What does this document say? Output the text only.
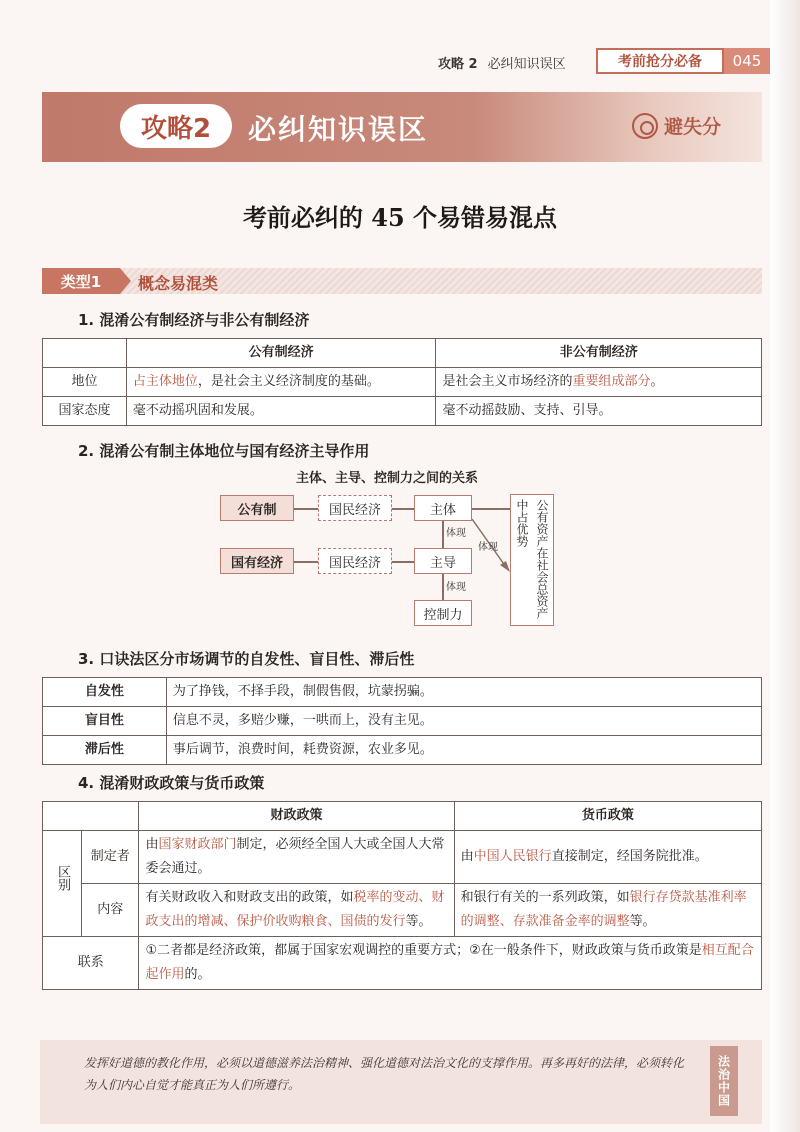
攻略 2 必纠知识误区	考前抢分必备	045
攻略2	必纠知识误区	避失分
考前必纠的 45 个易错易混点
类型1	概念易混类
1. 混淆公有制经济与非公有制经济
	公有制经济	非公有制经济
地位	占主体地位，是社会主义经济制度的基础。	是社会主义市场经济的重要组成部分。
国家态度	毫不动摇巩固和发展。	毫不动摇鼓励、支持、引导。
2. 混淆公有制主体地位与国有经济主导作用
主体、主导、控制力之间的关系
公有制	国民经济	主体
国有经济	国民经济	主导
控制力	公有资产在社会总资产中占优势
体现
体现
体现
3. 口诀法区分市场调节的自发性、盲目性、滞后性
自发性	为了挣钱，不择手段，制假售假，坑蒙拐骗。
盲目性	信息不灵，多赔少赚，一哄而上，没有主见。
滞后性	事后调节，浪费时间，耗费资源，农业多见。
4. 混淆财政政策与货币政策
		财政政策	货币政策
区别	制定者	由国家财政部门制定，必须经全国人大或全国人大常委会通过。	由中国人民银行直接制定，经国务院批准。
	内容	有关财政收入和财政支出的政策，如税率的变动、财政支出的增减、保护价收购粮食、国债的发行等。	和银行有关的一系列政策，如银行存贷款基准利率的调整、存款准备金率的调整等。
联系		①二者都是经济政策，都属于国家宏观调控的重要方式；②在一般条件下，财政政策与货币政策是相互配合起作用的。	
发挥好道德的教化作用，必须以道德滋养法治精神、强化道德对法治文化的支撑作用。再多再好的法律，必须转化为人们内心自觉才能真正为人们所遵行。	法治中国
